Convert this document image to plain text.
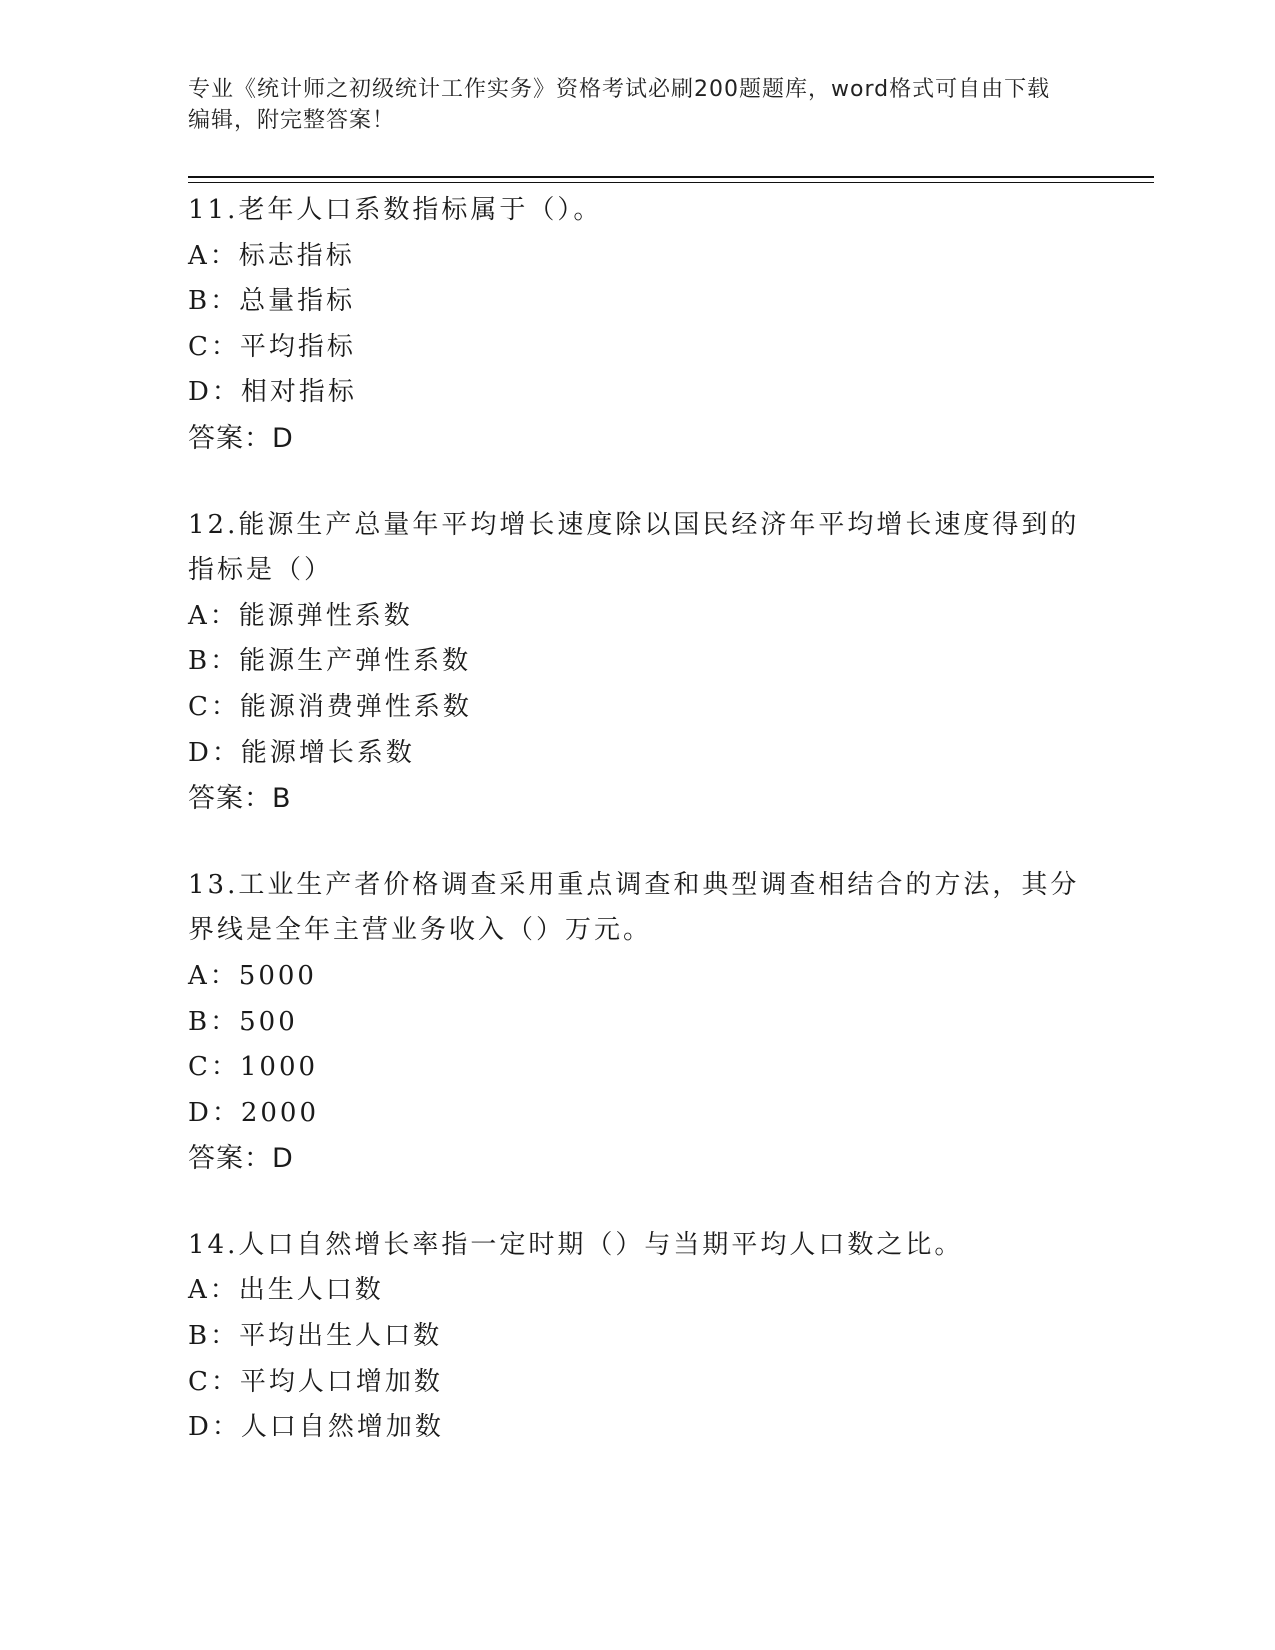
专业《统计师之初级统计工作实务》资格考试必刷200题题库，word格式可自由下载编辑，附完整答案！
11.老年人口系数指标属于（）。
A：标志指标
B：总量指标
C：平均指标
D：相对指标
答案：D
12.能源生产总量年平均增长速度除以国民经济年平均增长速度得到的指标是（）
A：能源弹性系数
B：能源生产弹性系数
C：能源消费弹性系数
D：能源增长系数
答案：B
13.工业生产者价格调查采用重点调查和典型调查相结合的方法，其分界线是全年主营业务收入（）万元。
A：5000
B：500
C：1000
D：2000
答案：D
14.人口自然增长率指一定时期（）与当期平均人口数之比。
A：出生人口数
B：平均出生人口数
C：平均人口增加数
D：人口自然增加数
